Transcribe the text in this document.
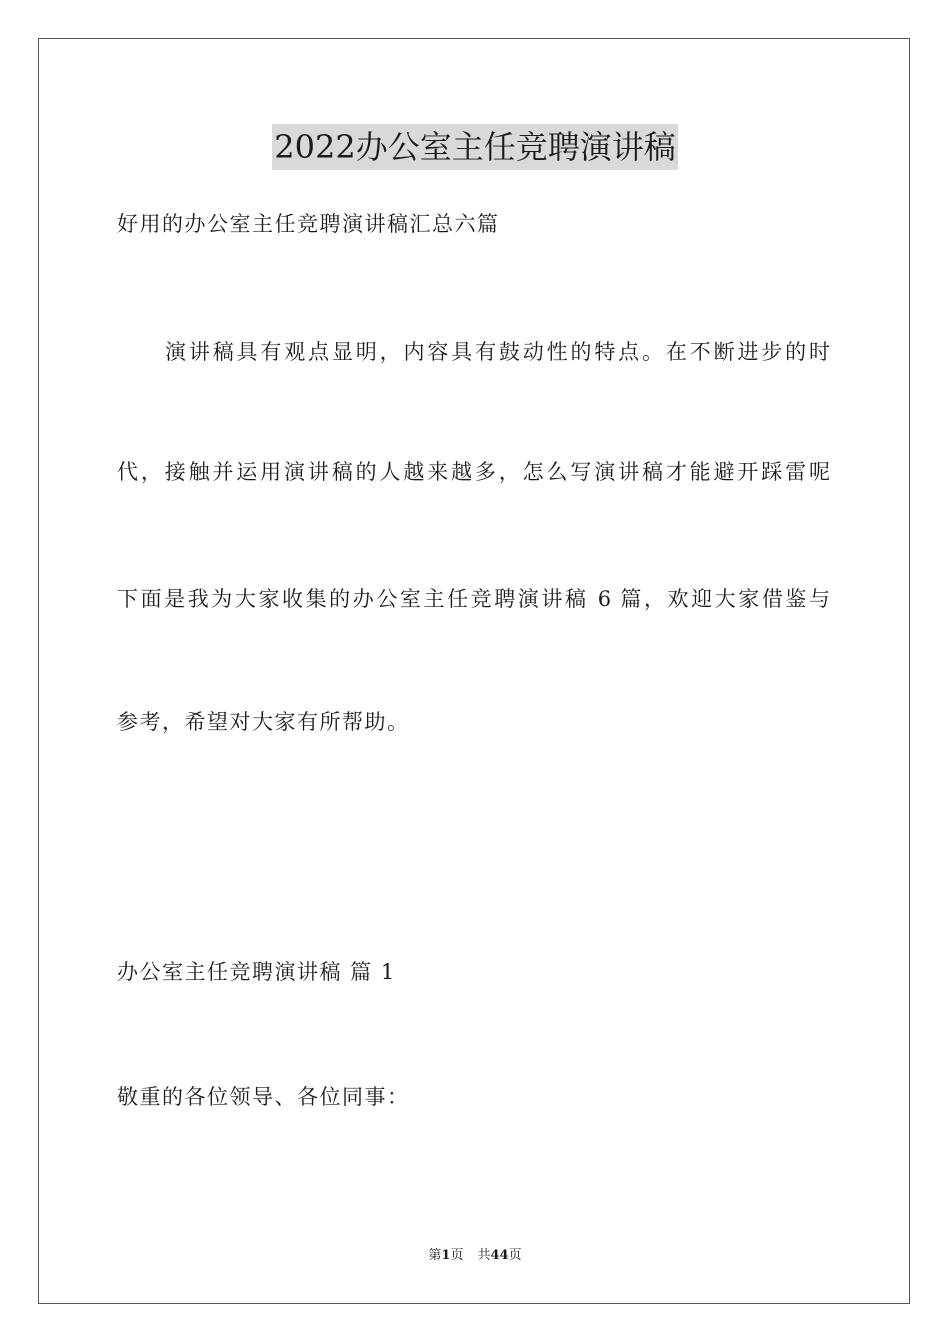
2022办公室主任竞聘演讲稿
好用的办公室主任竞聘演讲稿汇总六篇
演讲稿具有观点显明，内容具有鼓动性的特点。在不断进步的时
代，接触并运用演讲稿的人越来越多，怎么写演讲稿才能避开踩雷呢
下面是我为大家收集的办公室主任竞聘演讲稿 6 篇，欢迎大家借鉴与
参考，希望对大家有所帮助。
办公室主任竞聘演讲稿 篇 1
敬重的各位领导、各位同事：
第1页 共44页
